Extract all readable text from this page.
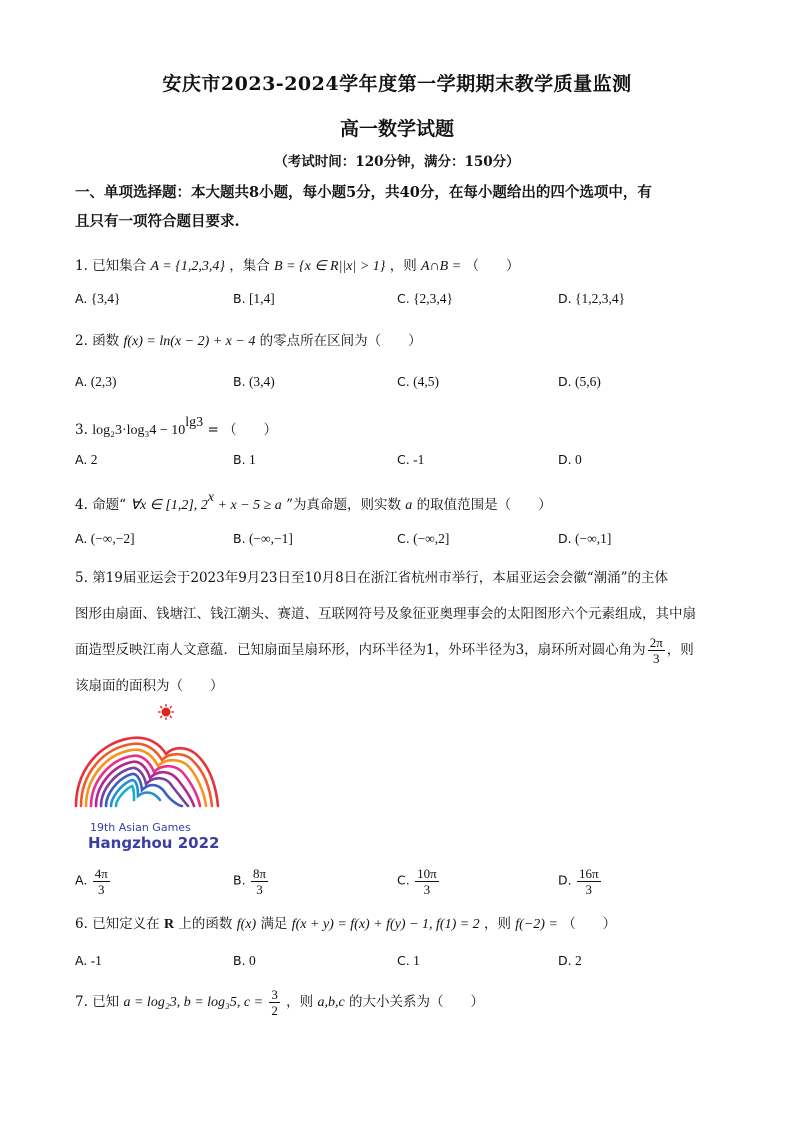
安庆市2023-2024学年度第一学期期末教学质量监测
高一数学试题
（考试时间：120分钟，满分：150分）
一、单项选择题：本大题共8小题，每小题5分，共40分，在每小题给出的四个选项中，有
且只有一项符合题目要求.
1. 已知集合 A = {1,2,3,4} ，集合 B = {x ∈ R||x| > 1} ，则 A∩B = （　　）
A. {3,4}	B. [1,4]	C. {2,3,4}	D. {1,2,3,4}
2. 函数 f(x) = ln(x − 2) + x − 4 的零点所在区间为（　　）
A. (2,3)	B. (3,4)	C. (4,5)	D. (5,6)
3. log₂3·log₃4 − 10lg3 = （　　）
A. 2	B. 1	C. -1	D. 0
4. 命题“ ∀x ∈ [1,2], 2x + x − 5 ≥ a ”为真命题，则实数 a 的取值范围是（　　）
A. (−∞,−2]	B. (−∞,−1]	C. (−∞,2]	D. (−∞,1]
5. 第19届亚运会于2023年9月23日至10月8日在浙江省杭州市举行，本届亚运会会徽“潮涌”的主体
图形由扇面、钱塘江、钱江潮头、赛道、互联网符号及象征亚奥理事会的太阳图形六个元素组成，其中扇
面造型反映江南人文意蕴．已知扇面呈扇环形，内环半径为1，外环半径为3，扇环所对圆心角为 $\frac{2\pi}{3}$ ，则
该扇面的面积为（　　）
19th Asian Games
Hangzhou 2022
A. $\frac{4\pi}{3}$	B. $\frac{8\pi}{3}$	C. $\frac{10\pi}{3}$	D. $\frac{16\pi}{3}$
6. 已知定义在 R 上的函数 f(x) 满足 f(x + y) = f(x) + f(y) − 1, f(1) = 2 ，则 f(−2) = （　　）
A. -1	B. 0	C. 1	D. 2
7. 已知 a = log₂3, b = log₃5, $c = \frac{3}{2}$ ，则 a,b,c 的大小关系为（　　）
